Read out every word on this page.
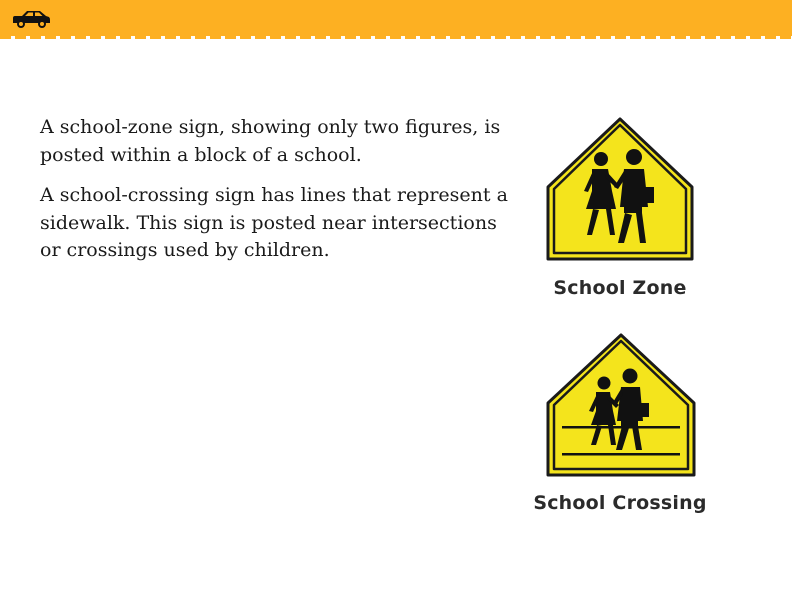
A school-zone sign, showing only two figures, is posted within a block of a school.

A school-crossing sign has lines that represent a sidewalk. This sign is posted near intersections or crossings used by children.

School Zone

School Crossing
